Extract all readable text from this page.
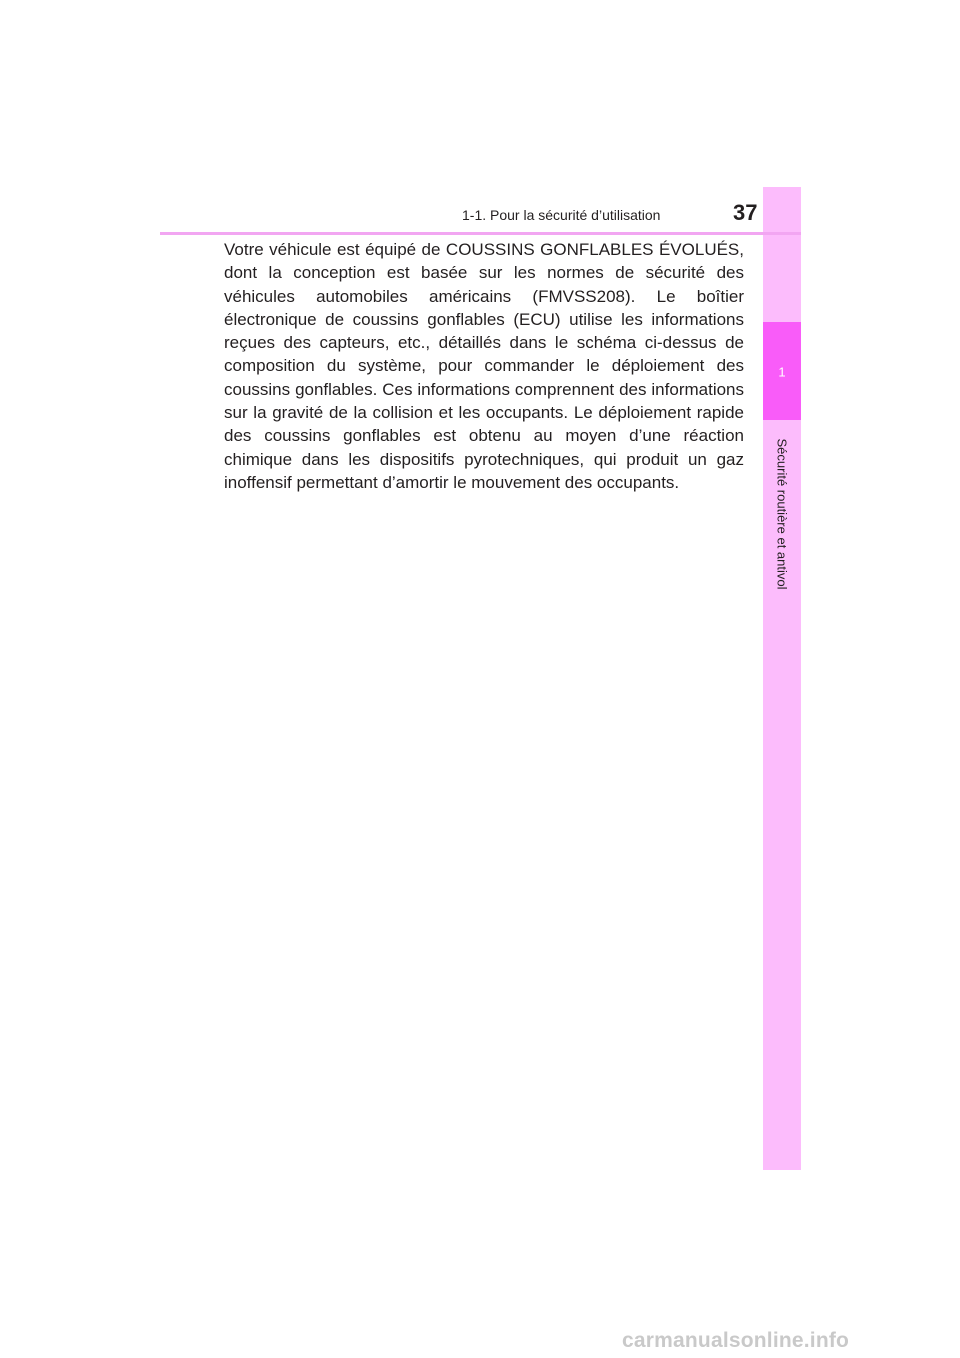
1
Sécurité routière et antivol
1-1. Pour la sécurité d’utilisation	37

Votre véhicule est équipé de COUSSINS GONFLABLES ÉVOLUÉS, dont la conception est basée sur les normes de sécurité des véhicules automobiles américains (FMVSS208). Le boîtier électronique de coussins gonflables (ECU) utilise les informations reçues des capteurs, etc., détaillés dans le schéma ci-dessus de composition du système, pour commander le déploiement des coussins gonflables. Ces informations comprennent des informations sur la gravité de la collision et les occupants. Le déploiement rapide des coussins gonflables est obtenu au moyen d’une réaction chimique dans les dispositifs pyrotechniques, qui produit un gaz inoffensif permettant d’amortir le mouvement des occupants.

carmanualsonline.info
